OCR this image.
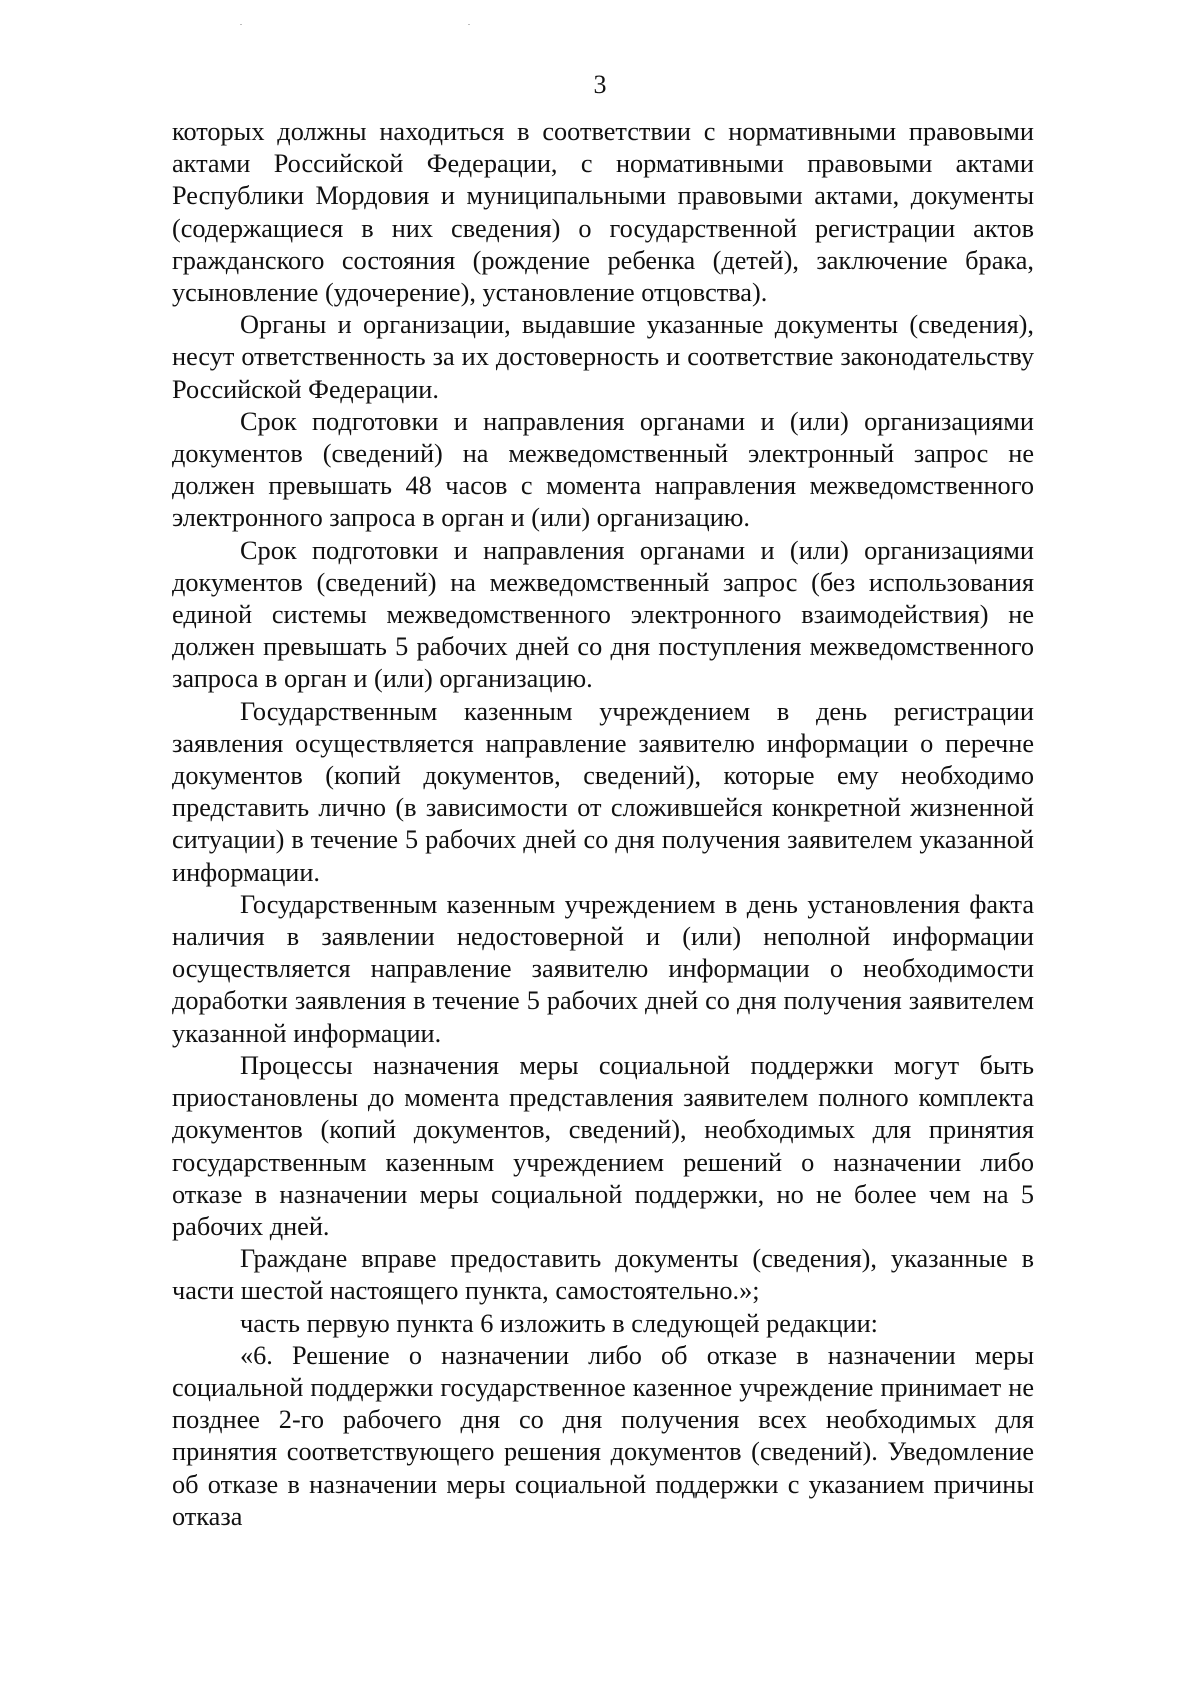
3

которых должны находиться в соответствии с нормативными правовыми актами Российской Федерации, с нормативными правовыми актами Республики Мордовия и муниципальными правовыми актами, документы (содержащиеся в них сведения) о государственной регистрации актов гражданского состояния (рождение ребенка (детей), заключение брака, усыновление (удочерение), установление отцовства).

Органы и организации, выдавшие указанные документы (сведения), несут ответственность за их достоверность и соответствие законодательству Российской Федерации.

Срок подготовки и направления органами и (или) организациями документов (сведений) на межведомственный электронный запрос не должен превышать 48 часов с момента направления межведомственного электронного запроса в орган и (или) организацию.

Срок подготовки и направления органами и (или) организациями документов (сведений) на межведомственный запрос (без использования единой системы межведомственного электронного взаимодействия) не должен превышать 5 рабочих дней со дня поступления межведомственного запроса в орган и (или) организацию.

Государственным казенным учреждением в день регистрации заявления осуществляется направление заявителю информации о перечне документов (копий документов, сведений), которые ему необходимо представить лично (в зависимости от сложившейся конкретной жизненной ситуации) в течение 5 рабочих дней со дня получения заявителем указанной информации.

Государственным казенным учреждением в день установления факта наличия в заявлении недостоверной и (или) неполной информации осуществляется направление заявителю информации о необходимости доработки заявления в течение 5 рабочих дней со дня получения заявителем указанной информации.

Процессы назначения меры социальной поддержки могут быть приостановлены до момента представления заявителем полного комплекта документов (копий документов, сведений), необходимых для принятия государственным казенным учреждением решений о назначении либо отказе в назначении меры социальной поддержки, но не более чем на 5 рабочих дней.

Граждане вправе предоставить документы (сведения), указанные в части шестой настоящего пункта, самостоятельно.»;

часть первую пункта 6 изложить в следующей редакции:

«6. Решение о назначении либо об отказе в назначении меры социальной поддержки государственное казенное учреждение принимает не позднее 2-го рабочего дня со дня получения всех необходимых для принятия соответствующего решения документов (сведений). Уведомление об отказе в назначении меры социальной поддержки с указанием причины отказа
